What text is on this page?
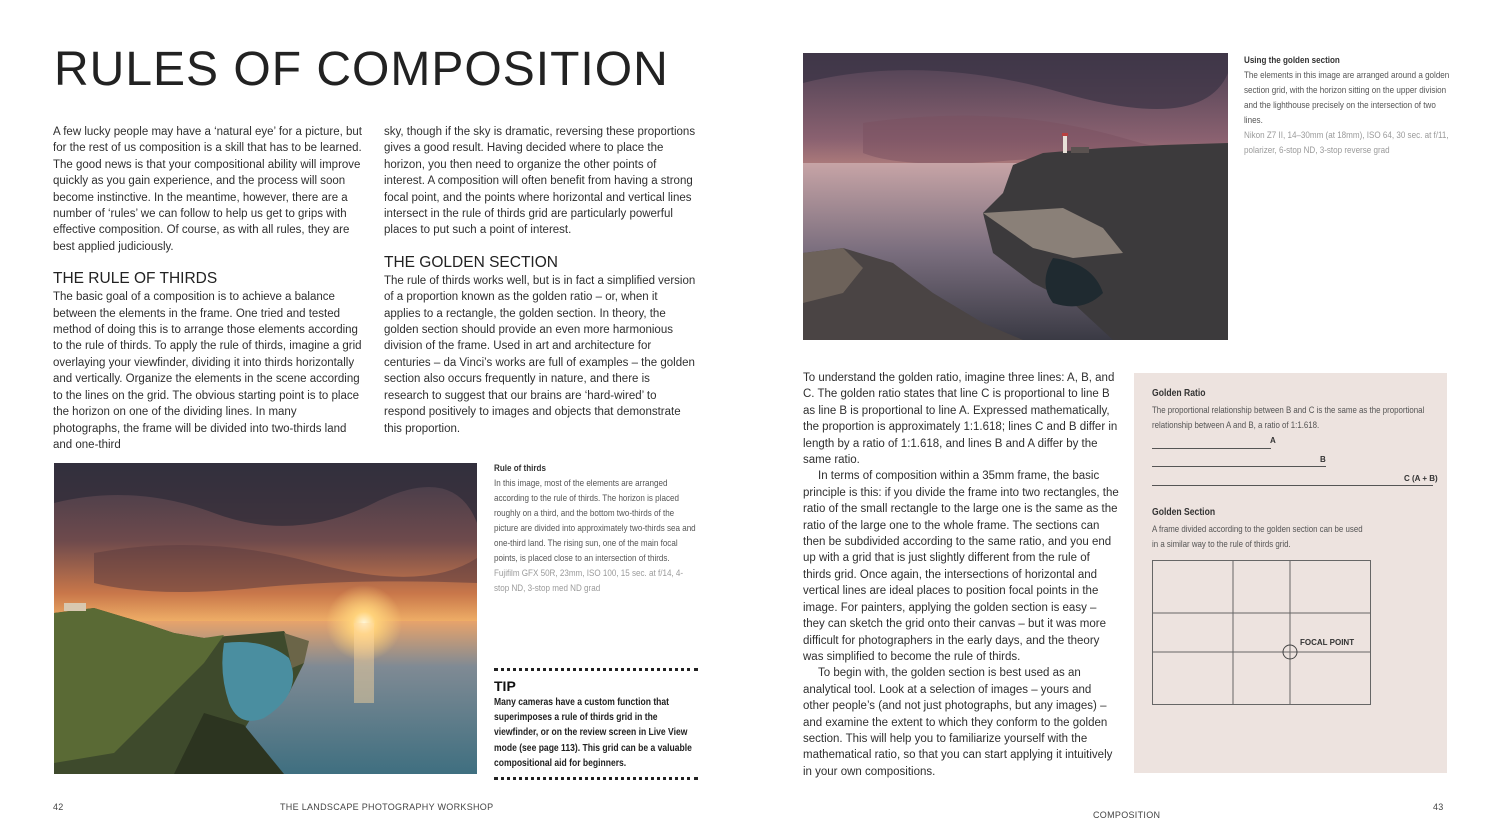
RULES OF COMPOSITION

A few lucky people may have a ‘natural eye’ for a picture, but for the rest of us composition is a skill that has to be learned. The good news is that your compositional ability will improve quickly as you gain experience, and the process will soon become instinctive. In the meantime, however, there are a number of ‘rules’ we can follow to help us get to grips with effective composition. Of course, as with all rules, they are best applied judiciously.

THE RULE OF THIRDS

The basic goal of a composition is to achieve a balance between the elements in the frame. One tried and tested method of doing this is to arrange those elements according to the rule of thirds. To apply the rule of thirds, imagine a grid overlaying your viewfinder, dividing it into thirds horizontally and vertically. Organize the elements in the scene according to the lines on the grid. The obvious starting point is to place the horizon on one of the dividing lines. In many photographs, the frame will be divided into two-thirds land and one-third

sky, though if the sky is dramatic, reversing these proportions gives a good result. Having decided where to place the horizon, you then need to organize the other points of interest. A composition will often benefit from having a strong focal point, and the points where horizontal and vertical lines intersect in the rule of thirds grid are particularly powerful places to put such a point of interest.

THE GOLDEN SECTION

The rule of thirds works well, but is in fact a simplified version of a proportion known as the golden ratio – or, when it applies to a rectangle, the golden section. In theory, the golden section should provide an even more harmonious division of the frame. Used in art and architecture for centuries – da Vinci’s works are full of examples – the golden section also occurs frequently in nature, and there is research to suggest that our brains are ‘hard-wired’ to respond positively to images and objects that demonstrate this proportion.

Rule of thirds
In this image, most of the elements are arranged according to the rule of thirds. The horizon is placed roughly on a third, and the bottom two-thirds of the picture are divided into approximately two-thirds sea and one-third land. The rising sun, one of the main focal points, is placed close to an intersection of thirds.
Fujifilm GFX 50R, 23mm, ISO 100, 15 sec. at f/14, 4-stop ND, 3-stop med ND grad
TIP
Many cameras have a custom function that superimposes a rule of thirds grid in the viewfinder, or on the review screen in Live View mode (see page 113). This grid can be a valuable compositional aid for beginners.
Using the golden section
The elements in this image are arranged around a golden section grid, with the horizon sitting on the upper division and the lighthouse precisely on the intersection of two lines.
Nikon Z7 II, 14–30mm (at 18mm), ISO 64, 30 sec. at f/11, polarizer, 6-stop ND, 3-stop reverse grad

To understand the golden ratio, imagine three lines: A, B, and C. The golden ratio states that line C is proportional to line B as line B is proportional to line A. Expressed mathematically, the proportion is approximately 1:1.618; lines C and B differ in length by a ratio of 1:1.618, and lines B and A differ by the same ratio.

In terms of composition within a 35mm frame, the basic principle is this: if you divide the frame into two rectangles, the ratio of the small rectangle to the large one is the same as the ratio of the large one to the whole frame. The sections can then be subdivided according to the same ratio, and you end up with a grid that is just slightly different from the rule of thirds grid. Once again, the intersections of horizontal and vertical lines are ideal places to position focal points in the image. For painters, applying the golden section is easy – they can sketch the grid onto their canvas – but it was more difficult for photographers in the early days, and the theory was simplified to become the rule of thirds.

To begin with, the golden section is best used as an analytical tool. Look at a selection of images – yours and other people’s (and not just photographs, but any images) – and examine the extent to which they conform to the golden section. This will help you to familiarize yourself with the mathematical ratio, so that you can start applying it intuitively in your own compositions.

Golden Ratio
The proportional relationship between B and C is the same as the proportional relationship between A and B, a ratio of 1:1.618.
A
B
C (A + B)
Golden Section
A frame divided according to the golden section can be used in a similar way to the rule of thirds grid.
FOCAL POINT
42	THE LANDSCAPE PHOTOGRAPHY WORKSHOP
COMPOSITION
43
